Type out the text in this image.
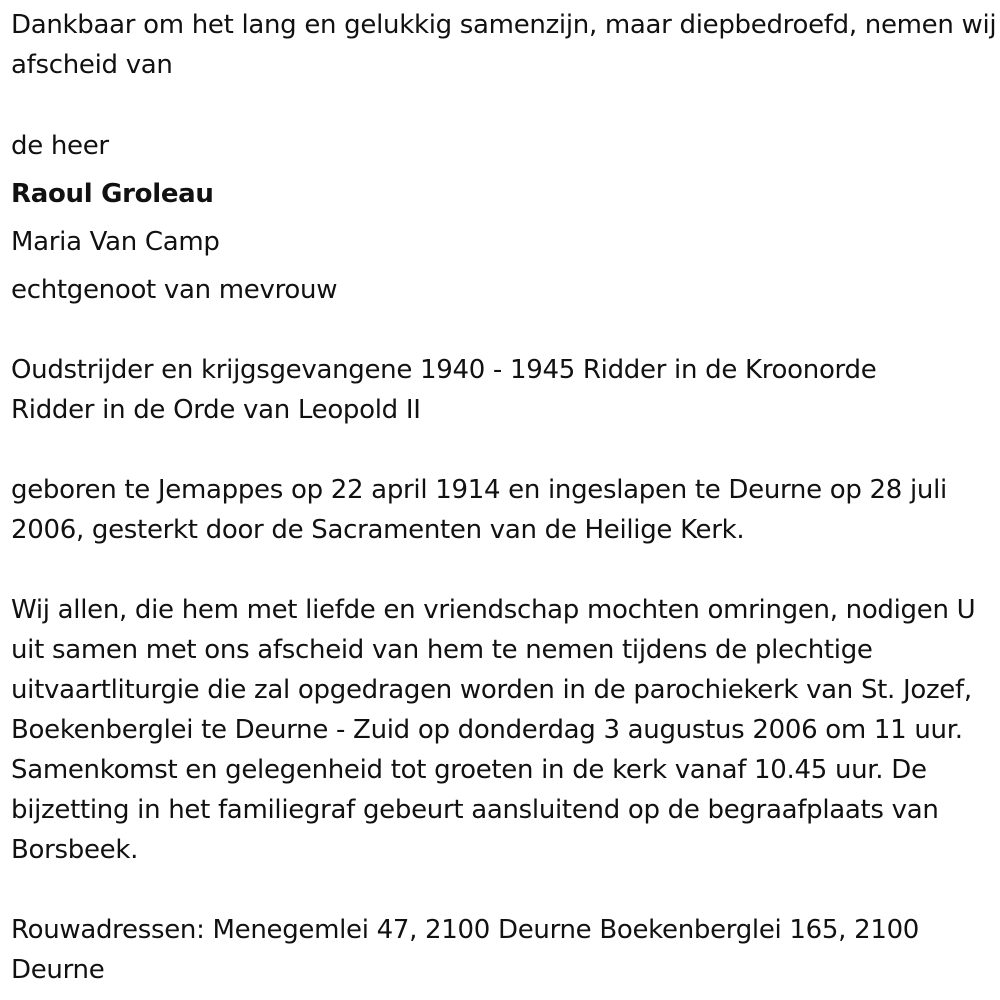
Dankbaar om het lang en gelukkig samenzijn, maar diepbedroefd, nemen wij afscheid van

de heer

Raoul Groleau

Maria Van Camp

echtgenoot van mevrouw

Oudstrijder en krijgsgevangene 1940 - 1945 Ridder in de Kroonorde Ridder in de Orde van Leopold II

geboren te Jemappes op 22 april 1914 en ingeslapen te Deurne op 28 juli 2006, gesterkt door de Sacramenten van de Heilige Kerk.

Wij allen, die hem met liefde en vriendschap mochten omringen, nodigen U uit samen met ons afscheid van hem te nemen tijdens de plechtige uitvaartliturgie die zal opgedragen worden in de parochiekerk van St. Jozef, Boekenberglei te Deurne - Zuid op donderdag 3 augustus 2006 om 11 uur. Samenkomst en gelegenheid tot groeten in de kerk vanaf 10.45 uur. De bijzetting in het familiegraf gebeurt aansluitend op de begraafplaats van Borsbeek.

Rouwadressen: Menegemlei 47, 2100 Deurne Boekenberglei 165, 2100 Deurne
